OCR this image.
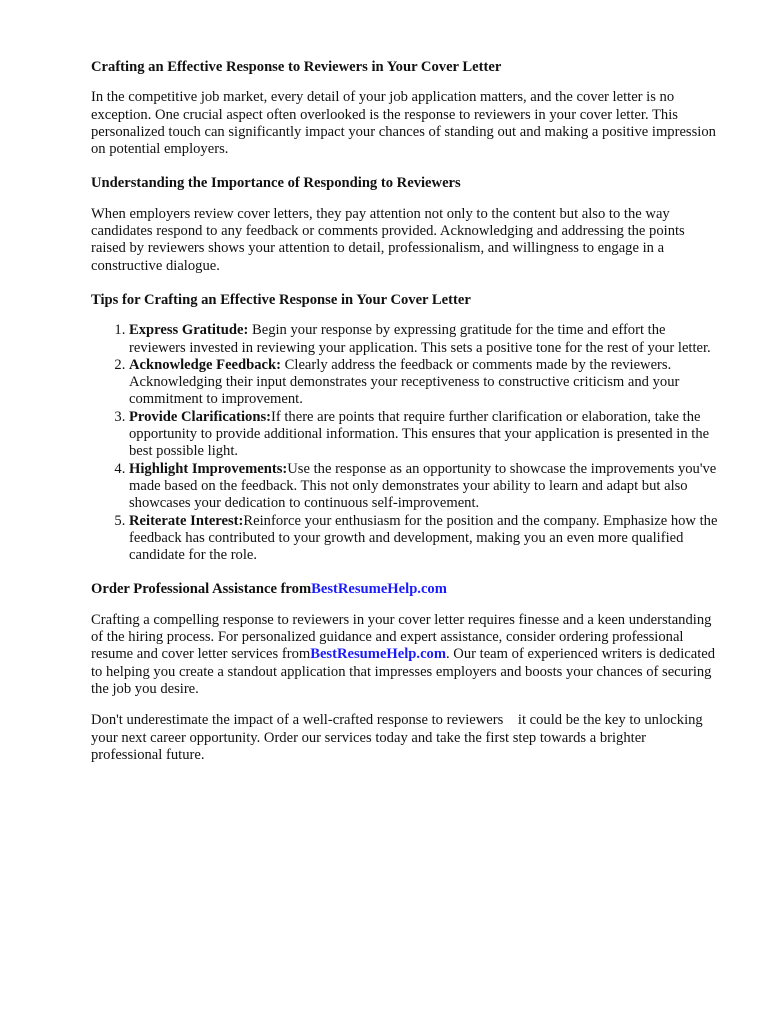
Crafting an Effective Response to Reviewers in Your Cover Letter

In the competitive job market, every detail of your job application matters, and the cover letter is no exception. One crucial aspect often overlooked is the response to reviewers in your cover letter. This personalized touch can significantly impact your chances of standing out and making a positive impression on potential employers.

Understanding the Importance of Responding to Reviewers

When employers review cover letters, they pay attention not only to the content but also to the way candidates respond to any feedback or comments provided. Acknowledging and addressing the points raised by reviewers shows your attention to detail, professionalism, and willingness to engage in a constructive dialogue.

Tips for Crafting an Effective Response in Your Cover Letter
1. Express Gratitude: Begin your response by expressing gratitude for the time and effort the reviewers invested in reviewing your application. This sets a positive tone for the rest of your letter.
2. Acknowledge Feedback: Clearly address the feedback or comments made by the reviewers. Acknowledging their input demonstrates your receptiveness to constructive criticism and your commitment to improvement.
3. Provide Clarifications:If there are points that require further clarification or elaboration, take the opportunity to provide additional information. This ensures that your application is presented in the best possible light.
4. Highlight Improvements:Use the response as an opportunity to showcase the improvements you've made based on the feedback. This not only demonstrates your ability to learn and adapt but also showcases your dedication to continuous self-improvement.
5. Reiterate Interest:Reinforce your enthusiasm for the position and the company. Emphasize how the feedback has contributed to your growth and development, making you an even more qualified candidate for the role.
Order Professional Assistance fromBestResumeHelp.com

Crafting a compelling response to reviewers in your cover letter requires finesse and a keen understanding of the hiring process. For personalized guidance and expert assistance, consider ordering professional resume and cover letter services fromBestResumeHelp.com. Our team of experienced writers is dedicated to helping you create a standout application that impresses employers and boosts your chances of securing the job you desire.

Don't underestimate the impact of a well-crafted response to reviewers    it could be the key to unlocking your next career opportunity. Order our services today and take the first step towards a brighter professional future.
